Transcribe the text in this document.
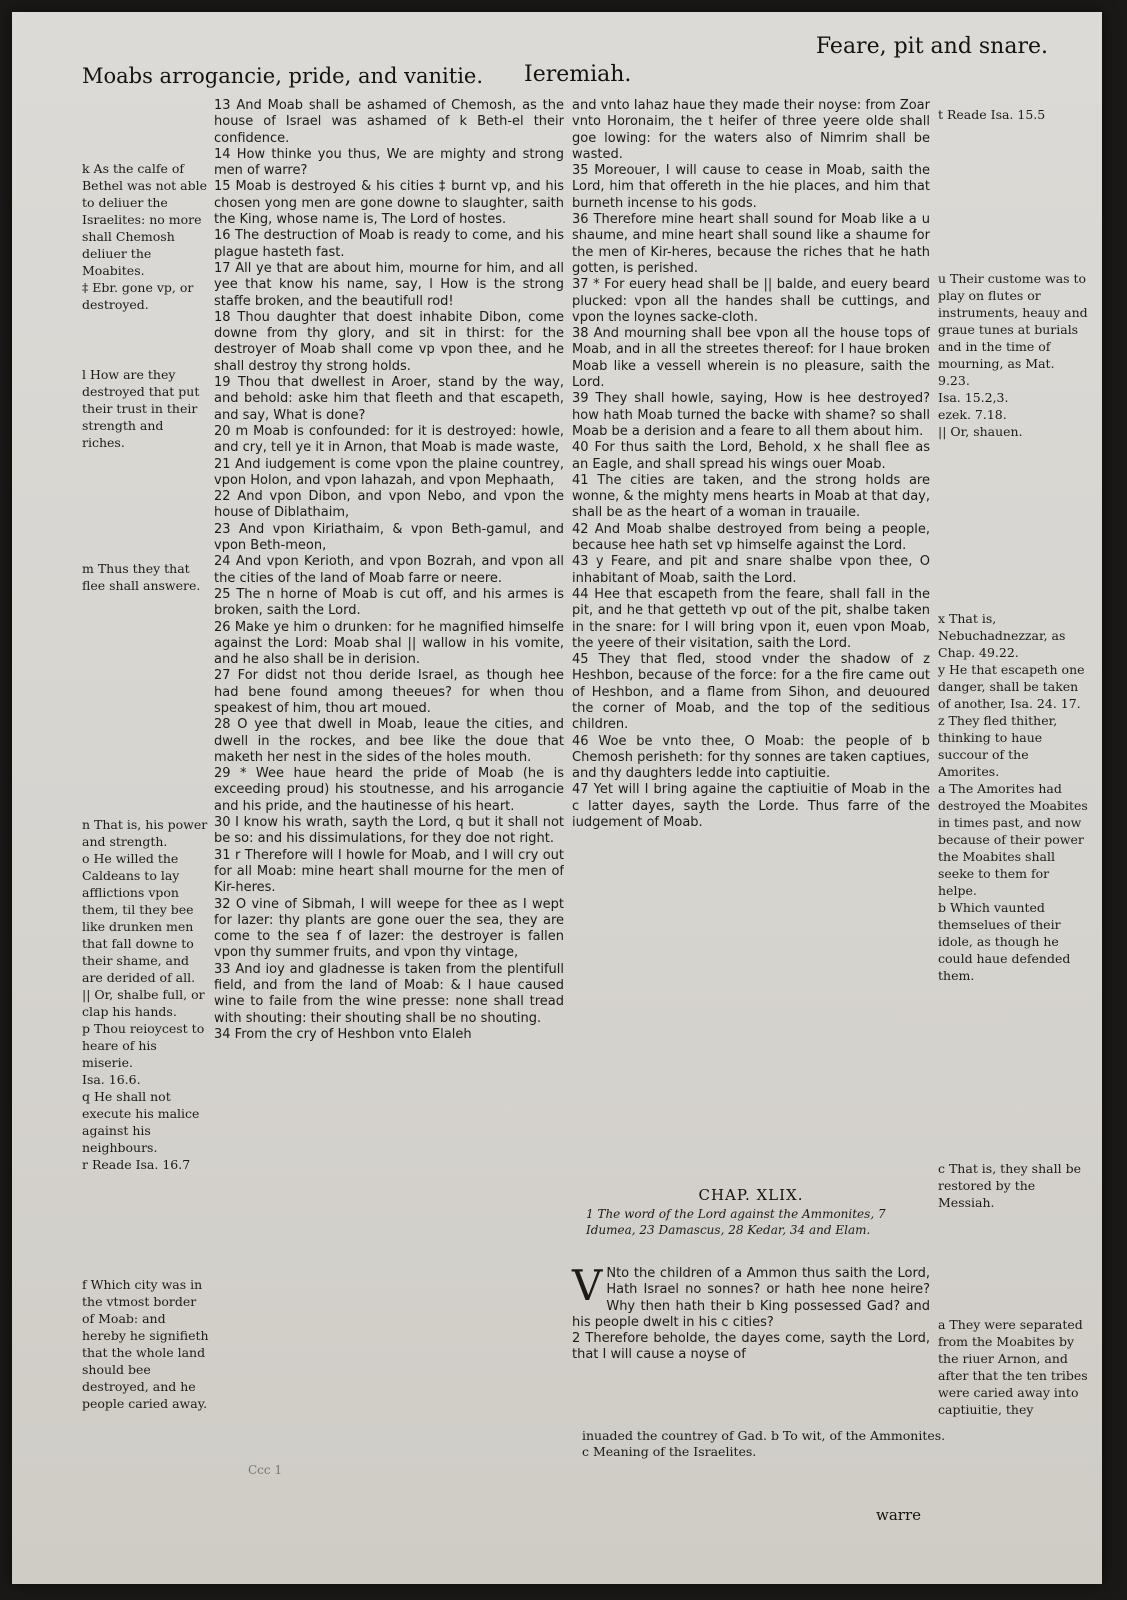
Moabs arrogancie, pride, and vanitie. Ieremiah.
Feare, pit and snare.

k As the calfe of Bethel was not able to deliuer the Israelites: no more shall Chemosh deliuer the Moabites.
‡ Ebr. gone vp, or destroyed.

l How are they destroyed that put their trust in their strength and riches.

m Thus they that flee shall answere.

n That is, his power and strength.
o He willed the Caldeans to lay afflictions vpon them, til they bee like drunken men that fall downe to their shame, and are derided of all.
|| Or, shalbe full, or clap his hands.
p Thou reioycest to heare of his miserie.
Isa. 16.6.
q He shall not execute his malice against his neighbours.
r Reade Isa. 16.7

f Which city was in the vtmost border of Moab: and hereby he signifieth that the whole land should bee destroyed, and he people caried away.

13 And Moab shall be ashamed of Chemosh, as the house of Israel was ashamed of k Beth-el their confidence.
14 How thinke you thus, We are mighty and strong men of warre?
15 Moab is destroyed & his cities ‡ burnt vp, and his chosen yong men are gone downe to slaughter, saith the King, whose name is, The Lord of hostes.
16 The destruction of Moab is ready to come, and his plague hasteth fast.
17 All ye that are about him, mourne for him, and all yee that know his name, say, l How is the strong staffe broken, and the beautifull rod!
18 Thou daughter that doest inhabite Dibon, come downe from thy glory, and sit in thirst: for the destroyer of Moab shall come vp vpon thee, and he shall destroy thy strong holds.
19 Thou that dwellest in Aroer, stand by the way, and behold: aske him that fleeth and that escapeth, and say, What is done?
20 m Moab is confounded: for it is destroyed: howle, and cry, tell ye it in Arnon, that Moab is made waste,
21 And iudgement is come vpon the plaine countrey, vpon Holon, and vpon Iahazah, and vpon Mephaath,
22 And vpon Dibon, and vpon Nebo, and vpon the house of Diblathaim,
23 And vpon Kiriathaim, & vpon Beth-gamul, and vpon Beth-meon,
24 And vpon Kerioth, and vpon Bozrah, and vpon all the cities of the land of Moab farre or neere.
25 The n horne of Moab is cut off, and his armes is broken, saith the Lord.
26 Make ye him o drunken: for he magnified himselfe against the Lord: Moab shal || wallow in his vomite, and he also shall be in derision.
27 For didst not thou deride Israel, as though hee had bene found among theeues? for when thou speakest of him, thou art moued.
28 O yee that dwell in Moab, leaue the cities, and dwell in the rockes, and bee like the doue that maketh her nest in the sides of the holes mouth.
29 * Wee haue heard the pride of Moab (he is exceeding proud) his stoutnesse, and his arrogancie and his pride, and the hautinesse of his heart.
30 I know his wrath, sayth the Lord, q but it shall not be so: and his dissimulations, for they doe not right.
31 r Therefore will I howle for Moab, and I will cry out for all Moab: mine heart shall mourne for the men of Kir-heres.
32 O vine of Sibmah, I will weepe for thee as I wept for Iazer: thy plants are gone ouer the sea, they are come to the sea f of Iazer: the destroyer is fallen vpon thy summer fruits, and vpon thy vintage,
33 And ioy and gladnesse is taken from the plentifull field, and from the land of Moab: & I haue caused wine to faile from the wine presse: none shall tread with shouting: their shouting shall be no shouting.
34 From the cry of Heshbon vnto Elaleh
and vnto Iahaz haue they made their noyse: from Zoar vnto Horonaim, the t heifer of three yeere olde shall goe lowing: for the waters also of Nimrim shall be wasted.
35 Moreouer, I will cause to cease in Moab, saith the Lord, him that offereth in the hie places, and him that burneth incense to his gods.
36 Therefore mine heart shall sound for Moab like a u shaume, and mine heart shall sound like a shaume for the men of Kir-heres, because the riches that he hath gotten, is perished.
37 * For euery head shall be || balde, and euery beard plucked: vpon all the handes shall be cuttings, and vpon the loynes sacke-cloth.
38 And mourning shall bee vpon all the house tops of Moab, and in all the streetes thereof: for I haue broken Moab like a vessell wherein is no pleasure, saith the Lord.
39 They shall howle, saying, How is hee destroyed? how hath Moab turned the backe with shame? so shall Moab be a derision and a feare to all them about him.
40 For thus saith the Lord, Behold, x he shall flee as an Eagle, and shall spread his wings ouer Moab.
41 The cities are taken, and the strong holds are wonne, & the mighty mens hearts in Moab at that day, shall be as the heart of a woman in trauaile.
42 And Moab shalbe destroyed from being a people, because hee hath set vp himselfe against the Lord.
43 y Feare, and pit and snare shalbe vpon thee, O inhabitant of Moab, saith the Lord.
44 Hee that escapeth from the feare, shall fall in the pit, and he that getteth vp out of the pit, shalbe taken in the snare: for I will bring vpon it, euen vpon Moab, the yeere of their visitation, saith the Lord.
45 They that fled, stood vnder the shadow of z Heshbon, because of the force: for a the fire came out of Heshbon, and a flame from Sihon, and deuoured the corner of Moab, and the top of the seditious children.
46 Woe be vnto thee, O Moab: the people of b Chemosh perisheth: for thy sonnes are taken captiues, and thy daughters ledde into captiuitie.
47 Yet will I bring againe the captiuitie of Moab in the c latter dayes, sayth the Lorde. Thus farre of the iudgement of Moab.

t Reade Isa. 15.5

u Their custome was to play on flutes or instruments, heauy and graue tunes at burials and in the time of mourning, as Mat. 9.23.
Isa. 15.2,3.
ezek. 7.18.
|| Or, shauen.

x That is, Nebuchadnezzar, as Chap. 49.22.
y He that escapeth one danger, shall be taken of another, Isa. 24. 17.
z They fled thither, thinking to haue succour of the Amorites.
a The Amorites had destroyed the Moabites in times past, and now because of their power the Moabites shall seeke to them for helpe.
b Which vaunted themselues of their idole, as though he could haue defended them.

c That is, they shall be restored by the Messiah.

a They were separated from the Moabites by the riuer Arnon, and after that the ten tribes were caried away into captiuitie, they

CHAP. XLIX.
1 The word of the Lord against the Ammonites, 7 Idumea, 23 Damascus, 28 Kedar, 34 and Elam.
V Nto the children of a Ammon thus saith the Lord, Hath Israel no sonnes? or hath hee none heire? Why then hath their b King possessed Gad? and his people dwelt in his c cities?
2 Therefore beholde, the dayes come, sayth the Lord, that I will cause a noyse of
inuaded the countrey of Gad. b To wit, of the Ammonites.
c Meaning of the Israelites.
Ccc 1
warre
